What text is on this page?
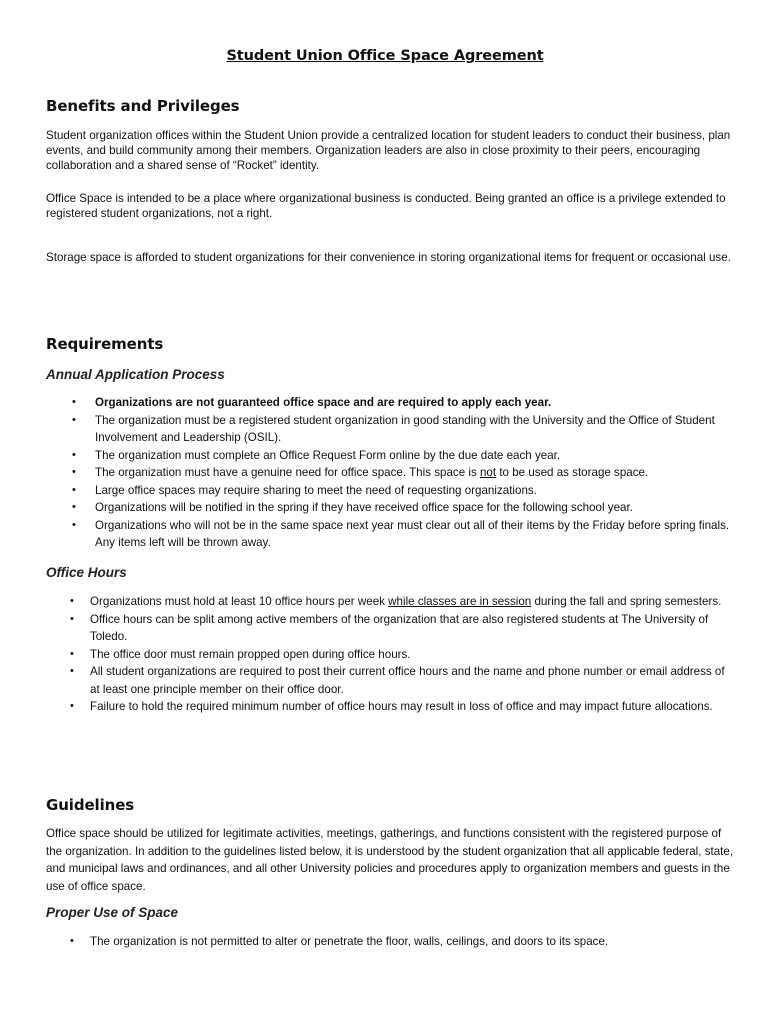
Student Union Office Space Agreement
Benefits and Privileges

Student organization offices within the Student Union provide a centralized location for student leaders to conduct their business, plan events, and build community among their members. Organization leaders are also in close proximity to their peers, encouraging collaboration and a shared sense of “Rocket” identity.

Office Space is intended to be a place where organizational business is conducted. Being granted an office is a privilege extended to registered student organizations, not a right.

Storage space is afforded to student organizations for their convenience in storing organizational items for frequent or occasional use.

Requirements
Annual Application Process
• Organizations are not guaranteed office space and are required to apply each year.
• The organization must be a registered student organization in good standing with the University and the Office of Student Involvement and Leadership (OSIL).
• The organization must complete an Office Request Form online by the due date each year.
• The organization must have a genuine need for office space. This space is not to be used as storage space.
• Large office spaces may require sharing to meet the need of requesting organizations.
• Organizations will be notified in the spring if they have received office space for the following school year.
• Organizations who will not be in the same space next year must clear out all of their items by the Friday before spring finals. Any items left will be thrown away.
Office Hours
• Organizations must hold at least 10 office hours per week while classes are in session during the fall and spring semesters.
• Office hours can be split among active members of the organization that are also registered students at The University of Toledo.
• The office door must remain propped open during office hours.
• All student organizations are required to post their current office hours and the name and phone number or email address of at least one principle member on their office door.
• Failure to hold the required minimum number of office hours may result in loss of office and may impact future allocations.
Guidelines

Office space should be utilized for legitimate activities, meetings, gatherings, and functions consistent with the registered purpose of the organization. In addition to the guidelines listed below, it is understood by the student organization that all applicable federal, state, and municipal laws and ordinances, and all other University policies and procedures apply to organization members and guests in the use of office space.

Proper Use of Space
• The organization is not permitted to alter or penetrate the floor, walls, ceilings, and doors to its space.
